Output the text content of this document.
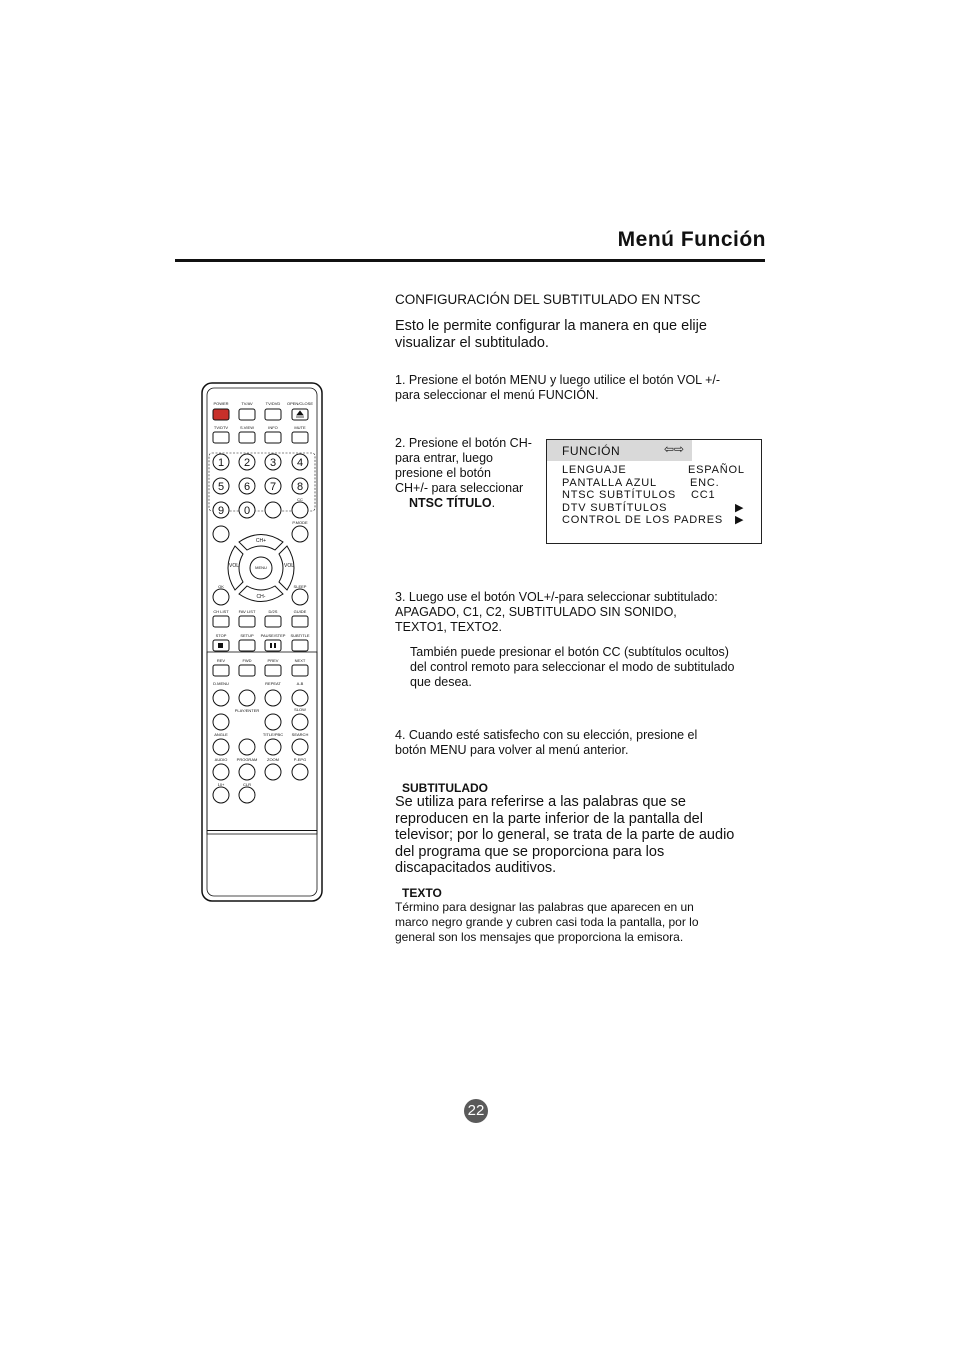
Menú Función
CONFIGURACIÓN DEL SUBTITULADO EN NTSC
Esto le permite configurar la manera en que elije
visualizar el subtitulado.
1. Presione el botón MENU y luego utilice el botón VOL +/-
para seleccionar el menú FUNCIÓN.
2. Presione el botón CH-
para entrar, luego
presione el botón
CH+/- para seleccionar
NTSC TÍTULO.
FUNCIÓN	⇦⇨
LENGUAJE	ESPAÑOL
PANTALLA AZUL	ENC.
NTSC SUBTÍTULOS CC1
DTV SUBTÍTULOS	▶
CONTROL DE LOS PADRES ▶
3. Luego use el botón VOL+/-para seleccionar subtitulado:
APAGADO, C1, C2, SUBTITULADO SIN SONIDO,
TEXTO1, TEXTO2.
También puede presionar el botón CC (subtítulos ocultos)
del control remoto para seleccionar el modo de subtitulado
que desea.
4. Cuando esté satisfecho con su elección, presione el
botón MENU para volver al menú anterior.
SUBTITULADO
Se utiliza para referirse a las palabras que se
reproducen en la parte inferior de la pantalla del
televisor; por lo general, se trata de la parte de audio
del programa que se proporciona para los
discapacitados auditivos.
TEXTO
Término para designar las palabras que aparecen en un
marco negro grande y cubren casi toda la pantalla, por lo
general son los mensajes que proporciona la emisora.
22
POWER	TV/AV	TV/DVD OPEN/CLOSE
TV/DTV	S.VIEW	INFO	MUTE
1 2 3 4
5 6 7 8
9 0
CC
P.MODE
CH+
CH-
VOL	VOL
MENU
OK	SLEEP
CH LIST FAV LIST	D/2S	GUIDE
STOP	SETUP PAUSE/STEP SUBTITLE
REV	FWD	PREV	NEXT
D.MENU	REPEAT	A-B
PLAY/ENTER	SLOW
ANGLE	TITLE/PBC SEARCH
AUDIO PROGRAM ZOOM	P-EPG
10+	CLR
